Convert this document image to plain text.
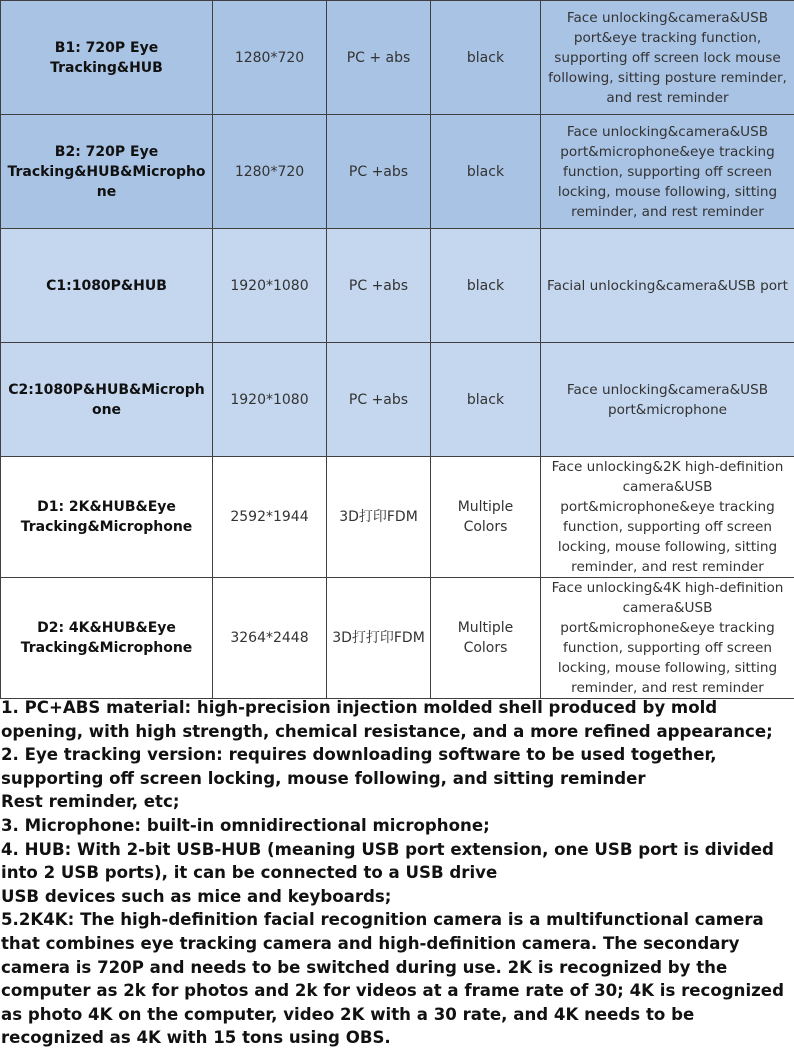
B1: 720P Eye Tracking&HUB	1280*720	PC + abs	black	Face unlocking&camera&USB port&eye tracking function, supporting off screen lock mouse following, sitting posture reminder, and rest reminder
B2: 720P Eye Tracking&HUB&Microphone	1280*720	PC +abs	black	Face unlocking&camera&USB port&microphone&eye tracking function, supporting off screen locking, mouse following, sitting reminder, and rest reminder
C1:1080P&HUB	1920*1080	PC +abs	black	Facial unlocking&camera&USB port
C2:1080P&HUB&Microphone	1920*1080	PC +abs	black	Face unlocking&camera&USB port&microphone
D1: 2K&HUB&Eye Tracking&Microphone	2592*1944	3D打印FDM	Multiple Colors	Face unlocking&2K high-definition camera&USB port&microphone&eye tracking function, supporting off screen locking, mouse following, sitting reminder, and rest reminder
D2: 4K&HUB&Eye Tracking&Microphone	3264*2448	3D打打印FDM	Multiple Colors	Face unlocking&4K high-definition camera&USB port&microphone&eye tracking function, supporting off screen locking, mouse following, sitting reminder, and rest reminder

1. PC+ABS material: high-precision injection molded shell produced by mold opening, with high strength, chemical resistance, and a more refined appearance;

2. Eye tracking version: requires downloading software to be used together, supporting off screen locking, mouse following, and sitting reminder

Rest reminder, etc;

3. Microphone: built-in omnidirectional microphone;

4. HUB: With 2-bit USB-HUB (meaning USB port extension, one USB port is divided into 2 USB ports), it can be connected to a USB drive

USB devices such as mice and keyboards;

5.2K4K: The high-definition facial recognition camera is a multifunctional camera that combines eye tracking camera and high-definition camera. The secondary camera is 720P and needs to be switched during use. 2K is recognized by the computer as 2k for photos and 2k for videos at a frame rate of 30; 4K is recognized as photo 4K on the computer, video 2K with a 30 rate, and 4K needs to be recognized as 4K with 15 tons using OBS.
